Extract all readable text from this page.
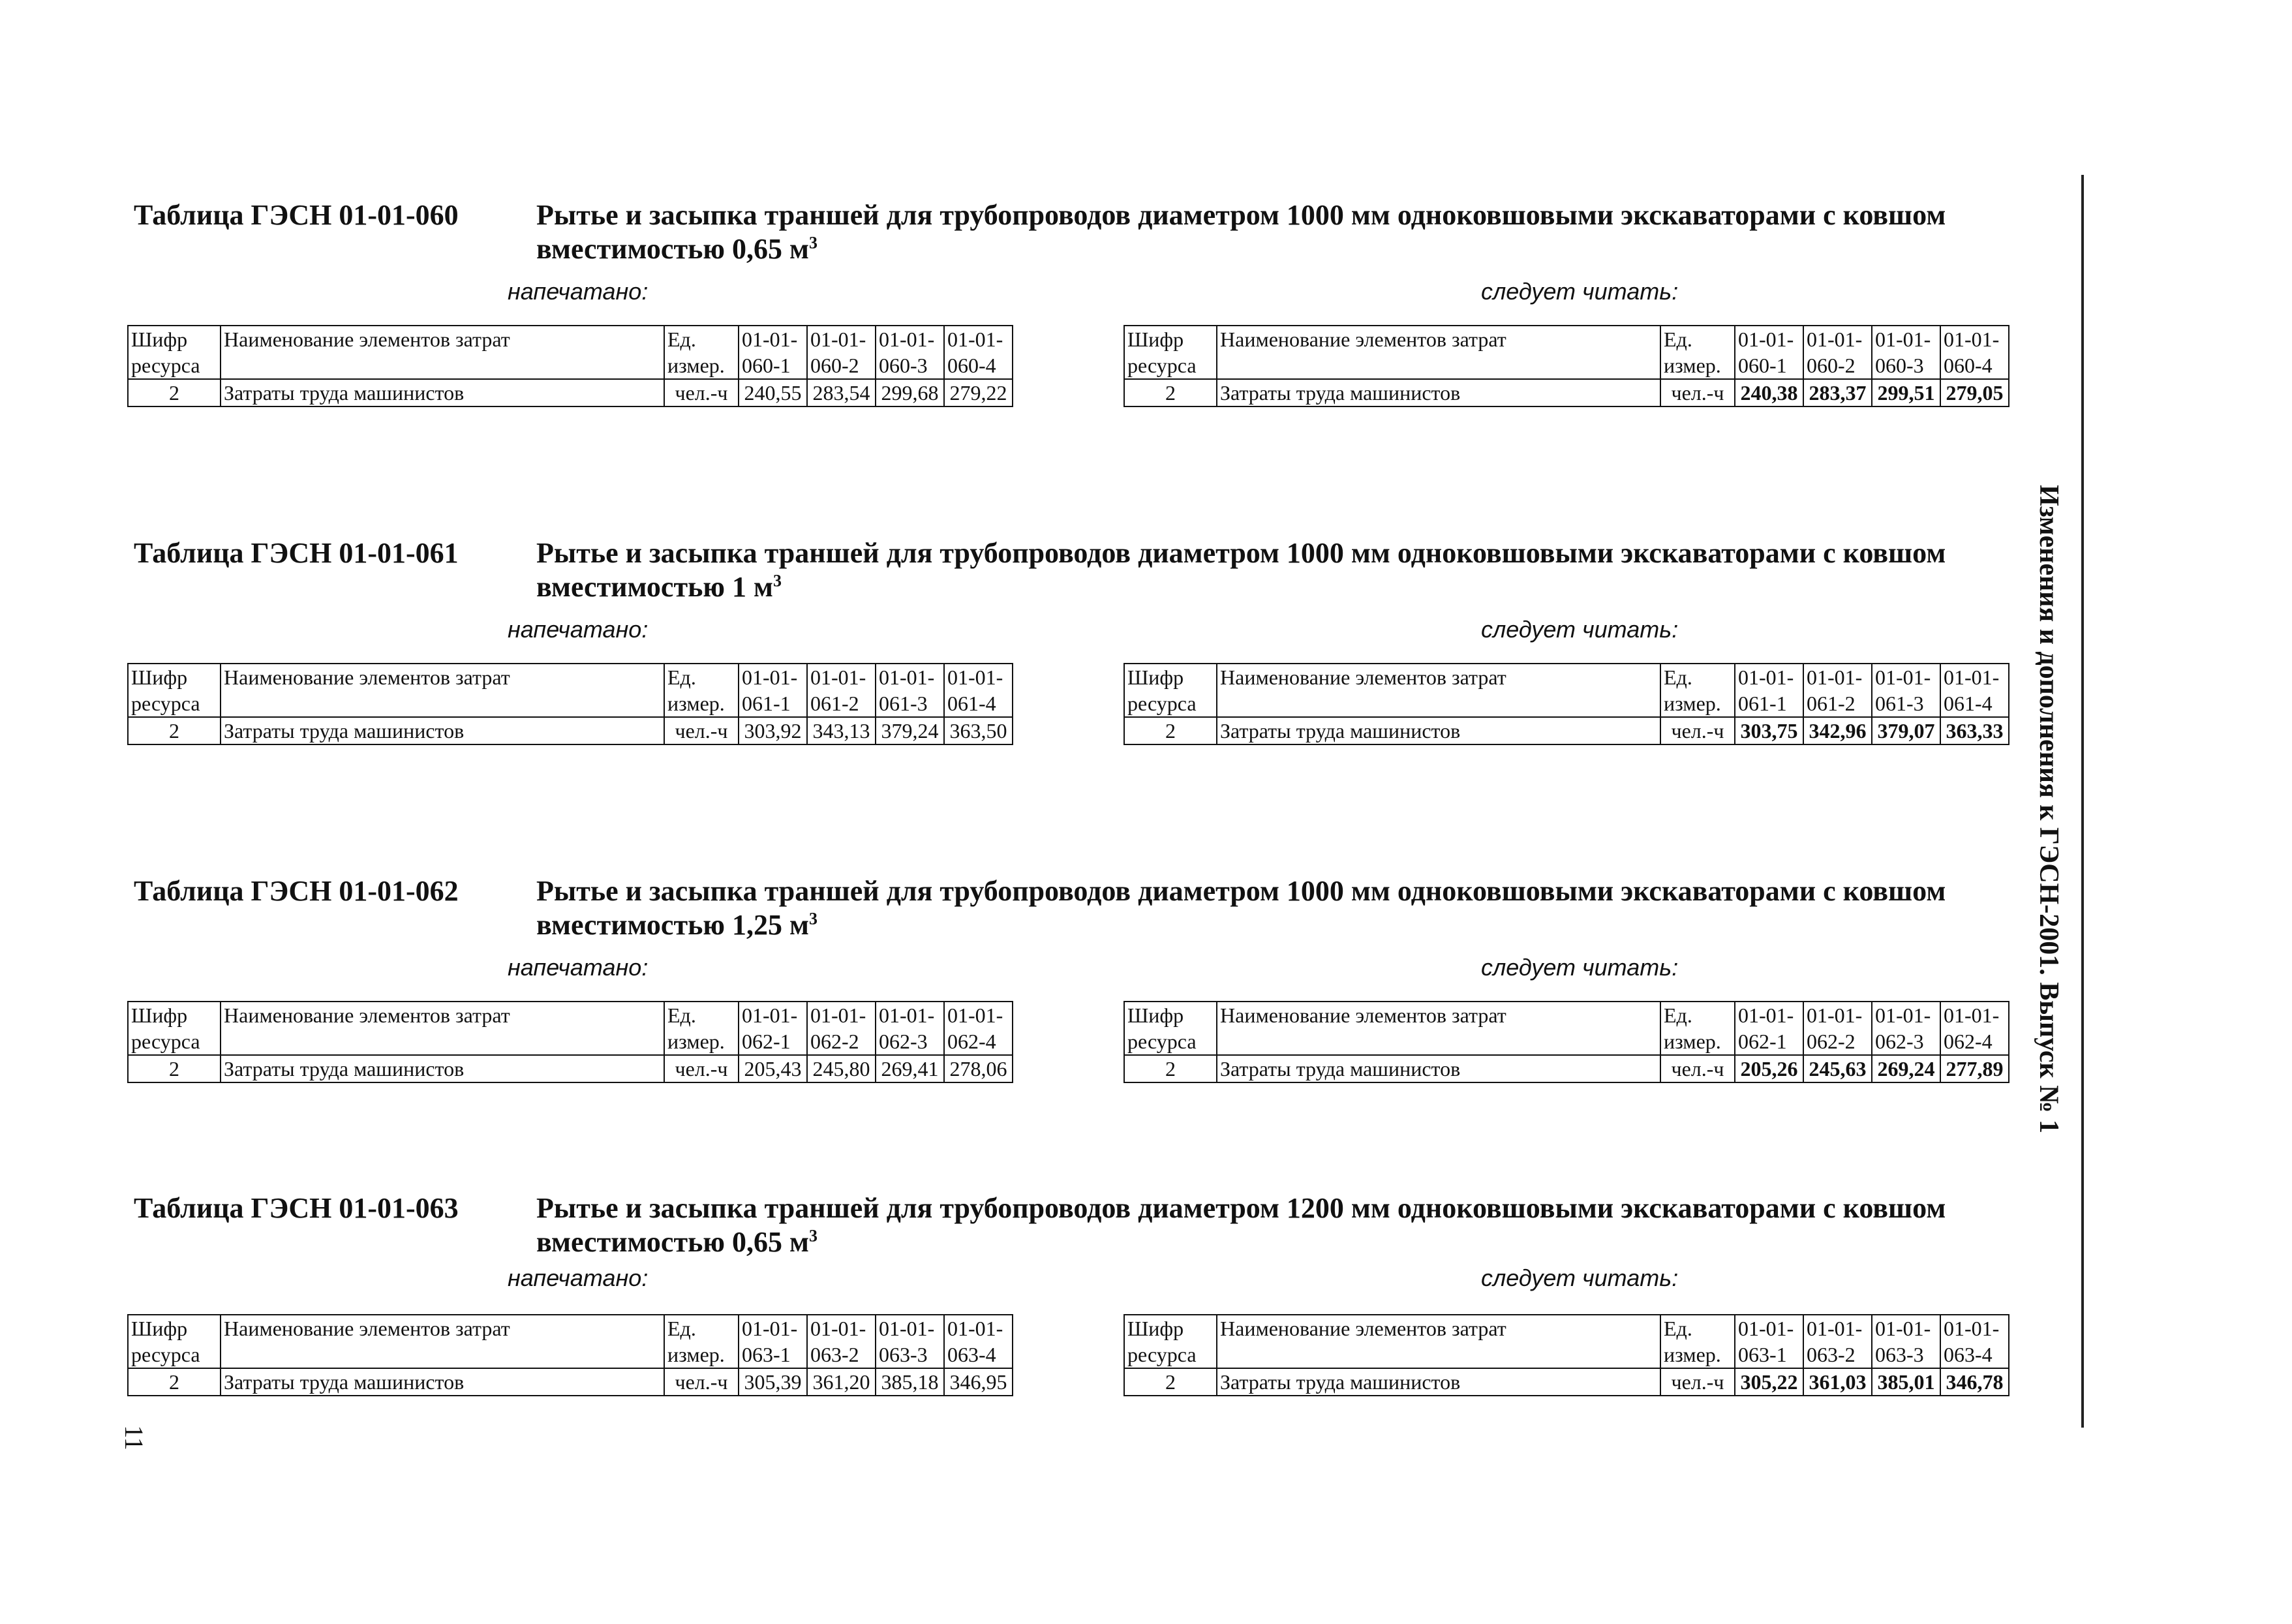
Таблица ГЭСН 01-01-060	Рытье и засыпка траншей для трубопроводов диаметром 1000 мм одноковшовыми экскаваторами с ковшом вместимостью 0,65 $м^3$
напечатано:	следует читать:
Шифр	Наименование элементов затрат	Ед.	01-01-	01-01-	01-01-	01-01-
ресурса		измер.	060-1	060-2	060-3	060-4
2	Затраты труда машинистов	чел.-ч	240,55	283,54	299,68	279,22
Шифр	Наименование элементов затрат	Ед.	01-01-	01-01-	01-01-	01-01-
ресурса		измер.	060-1	060-2	060-3	060-4
2	Затраты труда машинистов	чел.-ч	240,38	283,37	299,51	279,05
Таблица ГЭСН 01-01-061	Рытье и засыпка траншей для трубопроводов диаметром 1000 мм одноковшовыми экскаваторами с ковшом вместимостью 1 $м^3$
напечатано:	следует читать:
Шифр	Наименование элементов затрат	Ед.	01-01-	01-01-	01-01-	01-01-
ресурса		измер.	061-1	061-2	061-3	061-4
2	Затраты труда машинистов	чел.-ч	303,92	343,13	379,24	363,50
Шифр	Наименование элементов затрат	Ед.	01-01-	01-01-	01-01-	01-01-
ресурса		измер.	061-1	061-2	061-3	061-4
2	Затраты труда машинистов	чел.-ч	303,75	342,96	379,07	363,33
Таблица ГЭСН 01-01-062	Рытье и засыпка траншей для трубопроводов диаметром 1000 мм одноковшовыми экскаваторами с ковшом вместимостью 1,25 $м^3$
напечатано:	следует читать:
Шифр	Наименование элементов затрат	Ед.	01-01-	01-01-	01-01-	01-01-
ресурса		измер.	062-1	062-2	062-3	062-4
2	Затраты труда машинистов	чел.-ч	205,43	245,80	269,41	278,06
Шифр	Наименование элементов затрат	Ед.	01-01-	01-01-	01-01-	01-01-
ресурса		измер.	062-1	062-2	062-3	062-4
2	Затраты труда машинистов	чел.-ч	205,26	245,63	269,24	277,89
Таблица ГЭСН 01-01-063	Рытье и засыпка траншей для трубопроводов диаметром 1200 мм одноковшовыми экскаваторами с ковшом вместимостью 0,65 $м^3$
напечатано:	следует читать:
Шифр	Наименование элементов затрат	Ед.	01-01-	01-01-	01-01-	01-01-
ресурса		измер.	063-1	063-2	063-3	063-4
2	Затраты труда машинистов	чел.-ч	305,39	361,20	385,18	346,95
Шифр	Наименование элементов затрат	Ед.	01-01-	01-01-	01-01-	01-01-
ресурса		измер.	063-1	063-2	063-3	063-4
2	Затраты труда машинистов	чел.-ч	305,22	361,03	385,01	346,78
Изменения и дополнения к ГЭСН-2001. Выпуск № 1
11
